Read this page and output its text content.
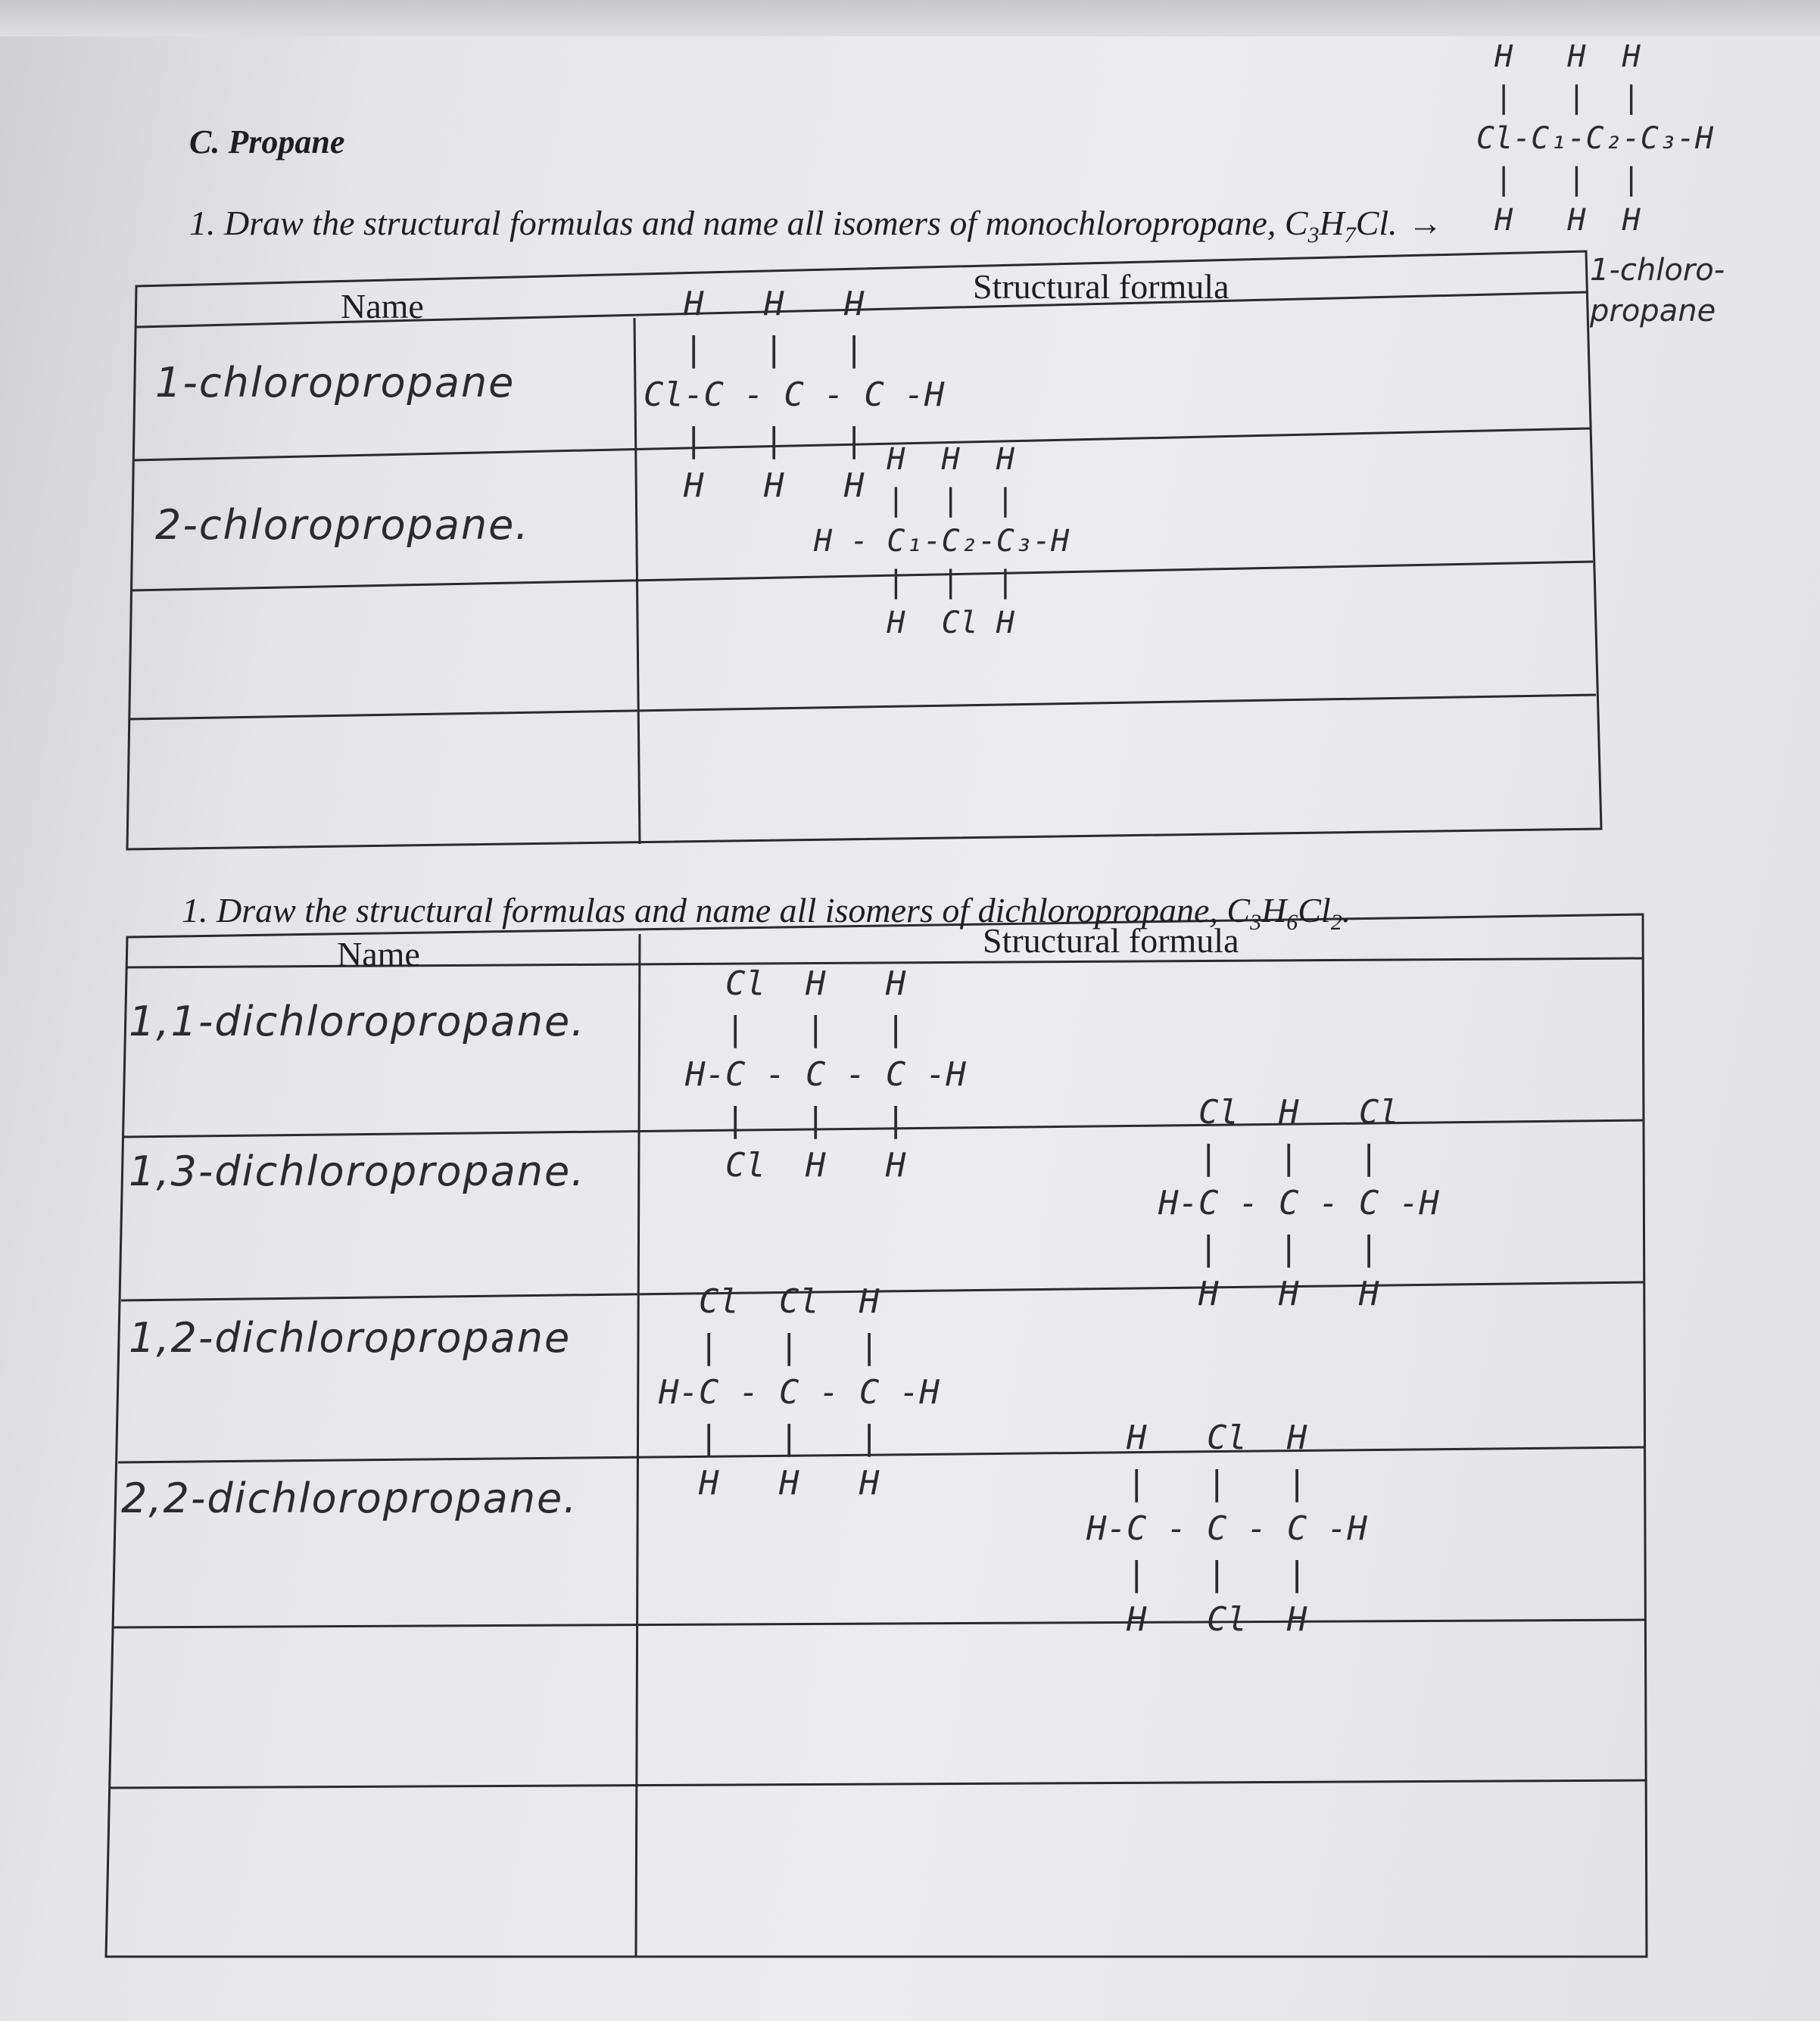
C. Propane
1. Draw the structural formulas and name all isomers of monochloropropane, $C_3H_7Cl$. →
H   H  H
|   |  |
Cl-C₁-C₂-C₃-H
|   |  |
H   H  H
1-chloro-
propane
Name
Structural formula
1-chloropropane
H   H   H
|   |   |
Cl-C - C - C -H
|   |   |
H   H   H
2-chloropropane.
H  H  H
|  |  |
H - C₁-C₂-C₃-H
|  |  |
H  Cl H
1. Draw the structural formulas and name all isomers of dichloropropane, $C_3H_6Cl_2$.
Name	Structural formula
1,1-dichloropropane.
Cl  H   H
|   |   |
H-C - C - C -H
|   |   |
Cl  H   H
1,3-dichloropropane.
Cl  H   Cl
|   |   |
H-C - C - C -H
|   |   |
H   H   H
1,2-dichloropropane
Cl  Cl  H
|   |   |
H-C - C - C -H
|   |   |
H   H   H
2,2-dichloropropane.
H   Cl  H
|   |   |
H-C - C - C -H
|   |   |
H   Cl  H
